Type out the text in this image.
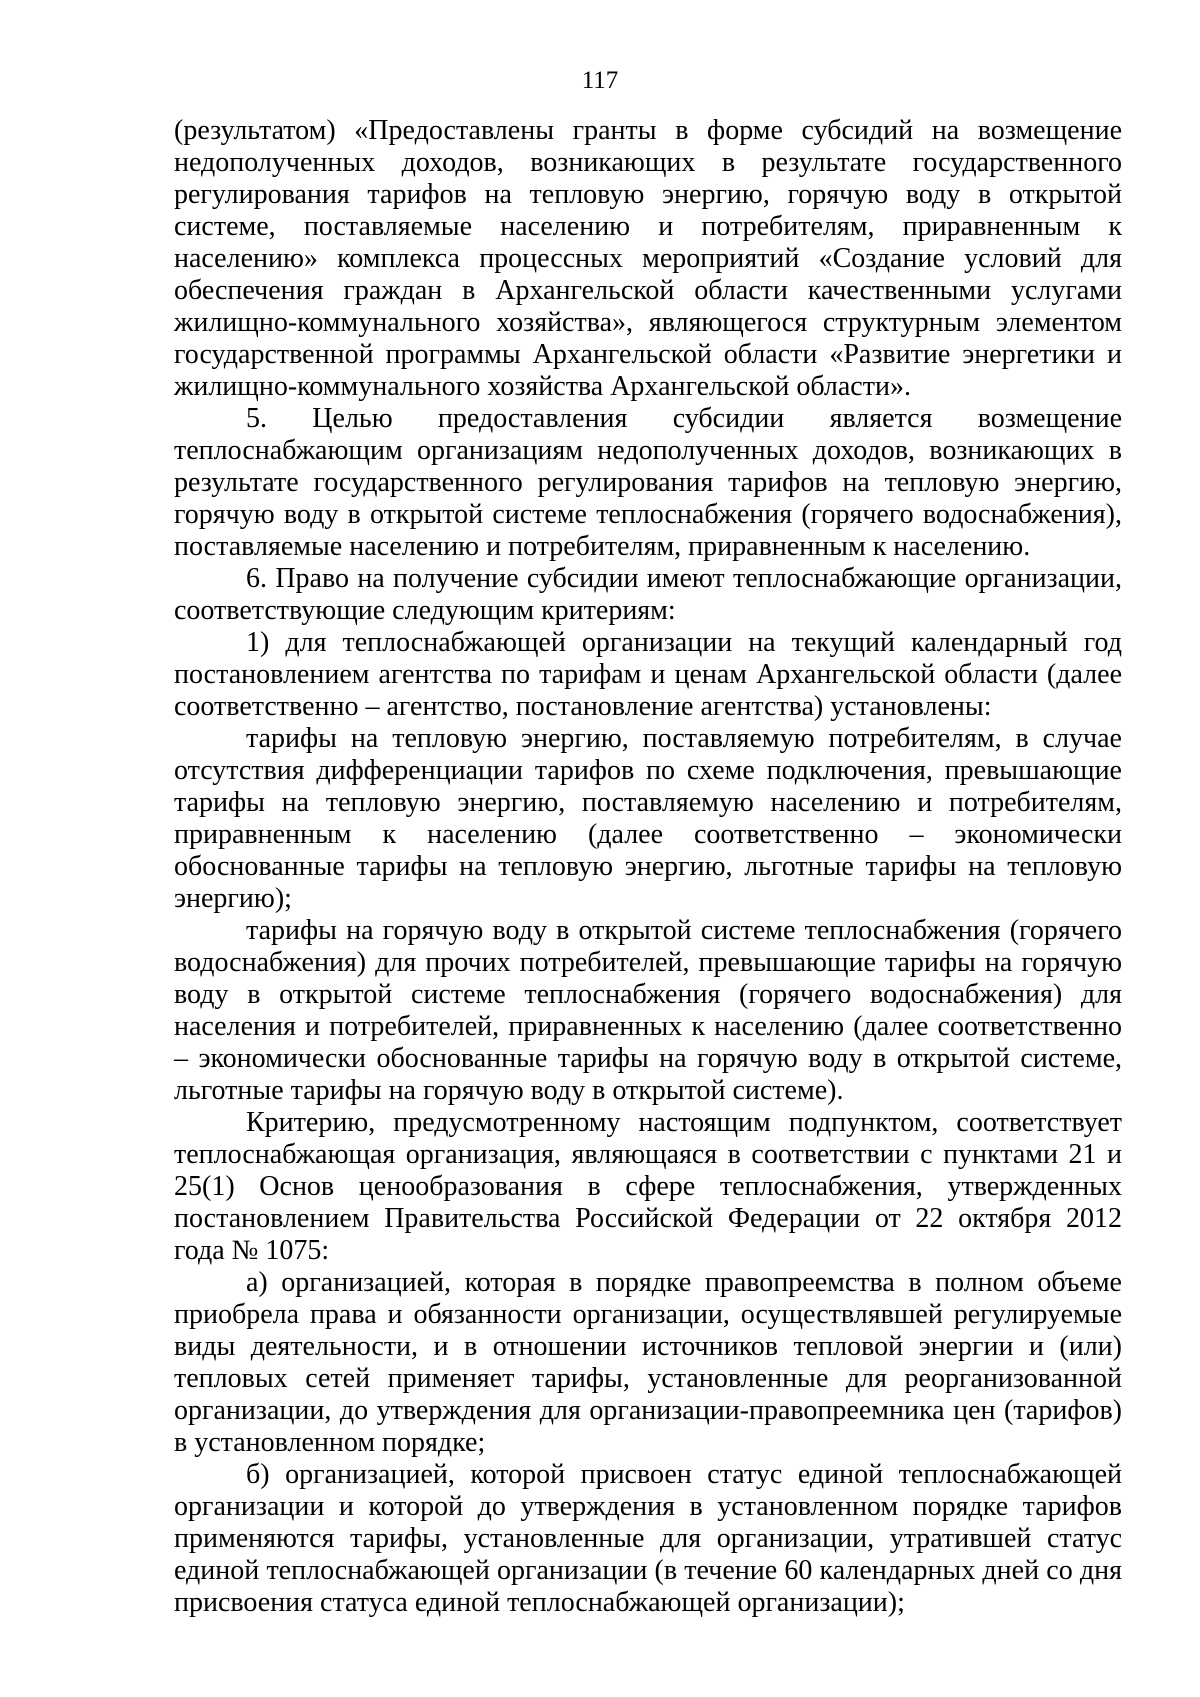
117

(результатом) «Предоставлены гранты в форме субсидий на возмещение недополученных доходов, возникающих в результате государственного регулирования тарифов на тепловую энергию, горячую воду в открытой системе, поставляемые населению и потребителям, приравненным к населению» комплекса процессных мероприятий «Создание условий для обеспечения граждан в Архангельской области качественными услугами жилищно-коммунального хозяйства», являющегося структурным элементом государственной программы Архангельской области «Развитие энергетики и жилищно-коммунального хозяйства Архангельской области».

5. Целью предоставления субсидии является возмещение теплоснабжающим организациям недополученных доходов, возникающих в результате государственного регулирования тарифов на тепловую энергию, горячую воду в открытой системе теплоснабжения (горячего водоснабжения), поставляемые населению и потребителям, приравненным к населению.

6. Право на получение субсидии имеют теплоснабжающие организации, соответствующие следующим критериям:

1) для теплоснабжающей организации на текущий календарный год постановлением агентства по тарифам и ценам Архангельской области (далее соответственно – агентство, постановление агентства) установлены:

тарифы на тепловую энергию, поставляемую потребителям, в случае отсутствия дифференциации тарифов по схеме подключения, превышающие тарифы на тепловую энергию, поставляемую населению и потребителям, приравненным к населению (далее соответственно – экономически обоснованные тарифы на тепловую энергию, льготные тарифы на тепловую энергию);

тарифы на горячую воду в открытой системе теплоснабжения (горячего водоснабжения) для прочих потребителей, превышающие тарифы на горячую воду в открытой системе теплоснабжения (горячего водоснабжения) для населения и потребителей, приравненных к населению (далее соответственно – экономически обоснованные тарифы на горячую воду в открытой системе, льготные тарифы на горячую воду в открытой системе).

Критерию, предусмотренному настоящим подпунктом, соответствует теплоснабжающая организация, являющаяся в соответствии с пунктами 21 и 25(1) Основ ценообразования в сфере теплоснабжения, утвержденных постановлением Правительства Российской Федерации от 22 октября 2012 года № 1075:

а) организацией, которая в порядке правопреемства в полном объеме приобрела права и обязанности организации, осуществлявшей регулируемые виды деятельности, и в отношении источников тепловой энергии и (или) тепловых сетей применяет тарифы, установленные для реорганизованной организации, до утверждения для организации-правопреемника цен (тарифов) в установленном порядке;

б) организацией, которой присвоен статус единой теплоснабжающей организации и которой до утверждения в установленном порядке тарифов применяются тарифы, установленные для организации, утратившей статус единой теплоснабжающей организации (в течение 60 календарных дней со дня присвоения статуса единой теплоснабжающей организации);
